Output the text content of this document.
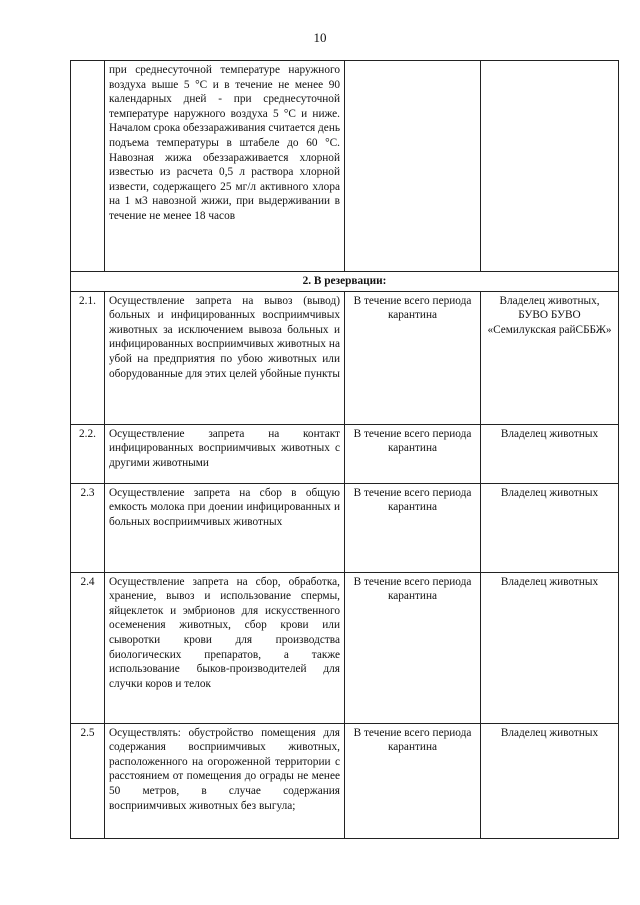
10
	при среднесуточной температуре наружного воздуха выше 5 °С и в течение не менее 90 календарных дней - при среднесуточной температуре наружного воздуха 5 °С и ниже. Началом срока обеззараживания считается день подъема температуры в штабеле до 60 °С. Навозная жижа обеззараживается хлорной известью из расчета 0,5 л раствора хлорной извести, содержащего 25 мг/л активного хлора на 1 м3 навозной жижи, при выдерживании в течение не менее 18 часов		
2. В резервации:			
2.1.	Осуществление запрета на вывоз (вывод) больных и инфицированных восприимчивых животных за исключением вывоза больных и инфицированных восприимчивых животных на убой на предприятия по убою животных или оборудованные для этих целей убойные пункты	В течение всего периода карантина	Владелец животных, БУВО БУВО «Семилукская райСББЖ»
2.2.	Осуществление запрета на контакт инфицированных восприимчивых животных с другими животными	В течение всего периода карантина	Владелец животных
2.3	Осуществление запрета на сбор в общую емкость молока при доении инфицированных и больных восприимчивых животных	В течение всего периода карантина	Владелец животных
2.4	Осуществление запрета на сбор, обработка, хранение, вывоз и использование спермы, яйцеклеток и эмбрионов для искусственного осеменения животных, сбор крови или сыворотки крови для производства биологических препаратов, а также использование быков-производителей для случки коров и телок	В течение всего периода карантина	Владелец животных
2.5	Осуществлять: обустройство помещения для содержания восприимчивых животных, расположенного на огороженной территории с расстоянием от помещения до ограды не менее 50 метров, в случае содержания восприимчивых животных без выгула;	В течение всего периода карантина	Владелец животных
